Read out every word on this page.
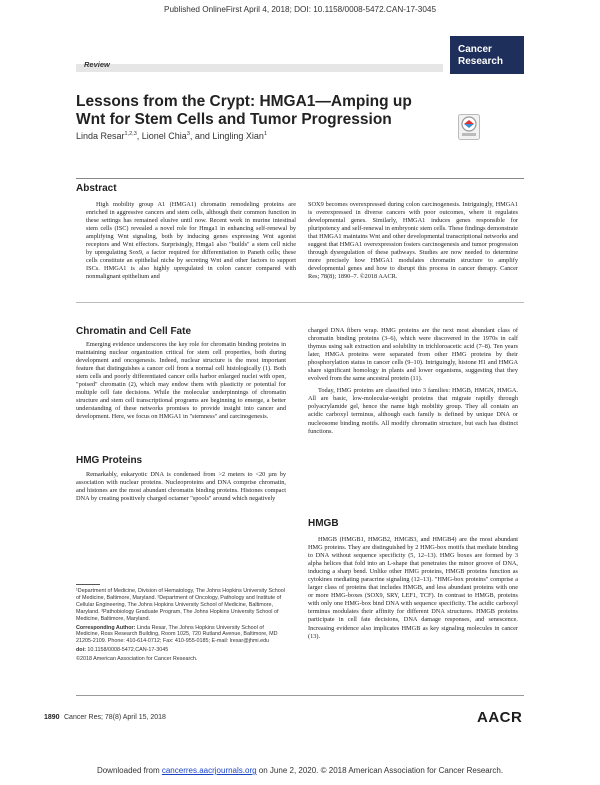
Published OnlineFirst April 4, 2018; DOI: 10.1158/0008-5472.CAN-17-3045
Review
Cancer
Research
Lessons from the Crypt: HMGA1—Amping up Wnt for Stem Cells and Tumor Progression
Linda Resar$^{1,2,3}$, Lionel Chia$^3$, and Lingling Xian$^1$
Abstract

High mobility group A1 (HMGA1) chromatin remodeling proteins are enriched in aggressive cancers and stem cells, although their common function in these settings has remained elusive until now. Recent work in murine intestinal stem cells (ISC) revealed a novel role for Hmga1 in enhancing self-renewal by amplifying Wnt signaling, both by inducing genes expressing Wnt agonist receptors and Wnt effectors. Surprisingly, Hmga1 also "builds" a stem cell niche by upregulating Sox9, a factor required for differentiation to Paneth cells; these cells constitute an epithelial niche by secreting Wnt and other factors to support ISCs. HMGA1 is also highly upregulated in colon cancer compared with nonmalignant epithelium and

SOX9 becomes overexpressed during colon carcinogenesis. Intriguingly, HMGA1 is overexpressed in diverse cancers with poor outcomes, where it regulates developmental genes. Similarly, HMGA1 induces genes responsible for pluripotency and self-renewal in embryonic stem cells. These findings demonstrate that HMGA1 maintains Wnt and other developmental transcriptional networks and suggest that HMGA1 overexpression fosters carcinogenesis and tumor progression through dysregulation of these pathways. Studies are now needed to determine more precisely how HMGA1 modulates chromatin structure to amplify developmental genes and how to disrupt this process in cancer therapy. Cancer Res; 78(8); 1890–7. ©2018 AACR.

Chromatin and Cell Fate

Emerging evidence underscores the key role for chromatin binding proteins in maintaining nuclear organization critical for stem cell properties, both during development and oncogenesis. Indeed, nuclear structure is the most important feature that distinguishes a cancer cell from a normal cell histologically (1). Both stem cells and poorly differentiated cancer cells harbor enlarged nuclei with open, "poised" chromatin (2), which may endow them with plasticity or potential for multiple cell fate decisions. While the molecular underpinnings of chromatin structure and stem cell transcriptional programs are beginning to emerge, a better understanding of these networks promises to provide insight into cancer and development. Here, we focus on HMGA1 in "stemness" and carcinogenesis.

HMG Proteins

Remarkably, eukaryotic DNA is condensed from >2 meters to <20 µm by association with nuclear proteins. Nucleoproteins and DNA comprise chromatin, and histones are the most abundant chromatin binding proteins. Histones compact DNA by creating positively charged octamer "spools" around which negatively

charged DNA fibers wrap. HMG proteins are the next most abundant class of chromatin binding proteins (3–6), which were discovered in the 1970s in calf thymus using salt extraction and solubility in trichloroacetic acid (7–8). Ten years later, HMGA proteins were separated from other HMG proteins by their phosphorylation status in cancer cells (9–10). Intriguingly, histone H1 and HMGA share significant homology in plants and lower organisms, suggesting that they evolved from the same ancestral protein (11).

Today, HMG proteins are classified into 3 families: HMGB, HMGN, HMGA. All are basic, low-molecular-weight proteins that migrate rapidly through polyacrylamide gel, hence the name high mobility group. They all contain an acidic carboxyl terminus, although each family is defined by unique DNA or nucleosome binding motifs. All modify chromatin structure, but each has distinct functions.

HMGB

HMGB (HMGB1, HMGB2, HMGB3, and HMGB4) are the most abundant HMG proteins. They are distinguished by 2 HMG-box motifs that mediate binding to DNA without sequence specificity (5, 12–13). HMG boxes are formed by 3 alpha helices that fold into an L-shape that penetrates the minor groove of DNA, inducing a sharp bend. Unlike other HMG proteins, HMGB proteins function as cytokines mediating paracrine signaling (12–13). "HMG-box proteins" comprise a larger class of proteins that includes HMGB, and less abundant proteins with one or more HMG-boxes (SOX9, SRY, LEF1, TCF). In contrast to HMGB, proteins with only one HMG-box bind DNA with sequence specificity. The acidic carboxyl terminus modulates their affinity for different DNA structures. HMGB proteins participate in cell fate decisions, DNA damage responses, and senescence. Increasing evidence also implicates HMGB as key signaling molecules in cancer (13).

¹Department of Medicine, Division of Hematology, The Johns Hopkins University School of Medicine, Baltimore, Maryland. ²Department of Oncology, Pathology and Institute of Cellular Engineering, The Johns Hopkins University School of Medicine, Baltimore, Maryland. ³Pathobiology Graduate Program, The Johns Hopkins University School of Medicine, Baltimore, Maryland.

Corresponding Author: Linda Resar, The Johns Hopkins University School of Medicine, Ross Research Building, Room 1025, 720 Rutland Avenue, Baltimore, MD 21205-2109. Phone: 410-614-0712; Fax: 410-955-0185; E-mail: lresar@jhmi.edu

doi: 10.1158/0008-5472.CAN-17-3045

©2018 American Association for Cancer Research.

1890 Cancer Res; 78(8) April 15, 2018	AACR
Downloaded from cancerres.aacrjournals.org on June 2, 2020. © 2018 American Association for Cancer Research.
